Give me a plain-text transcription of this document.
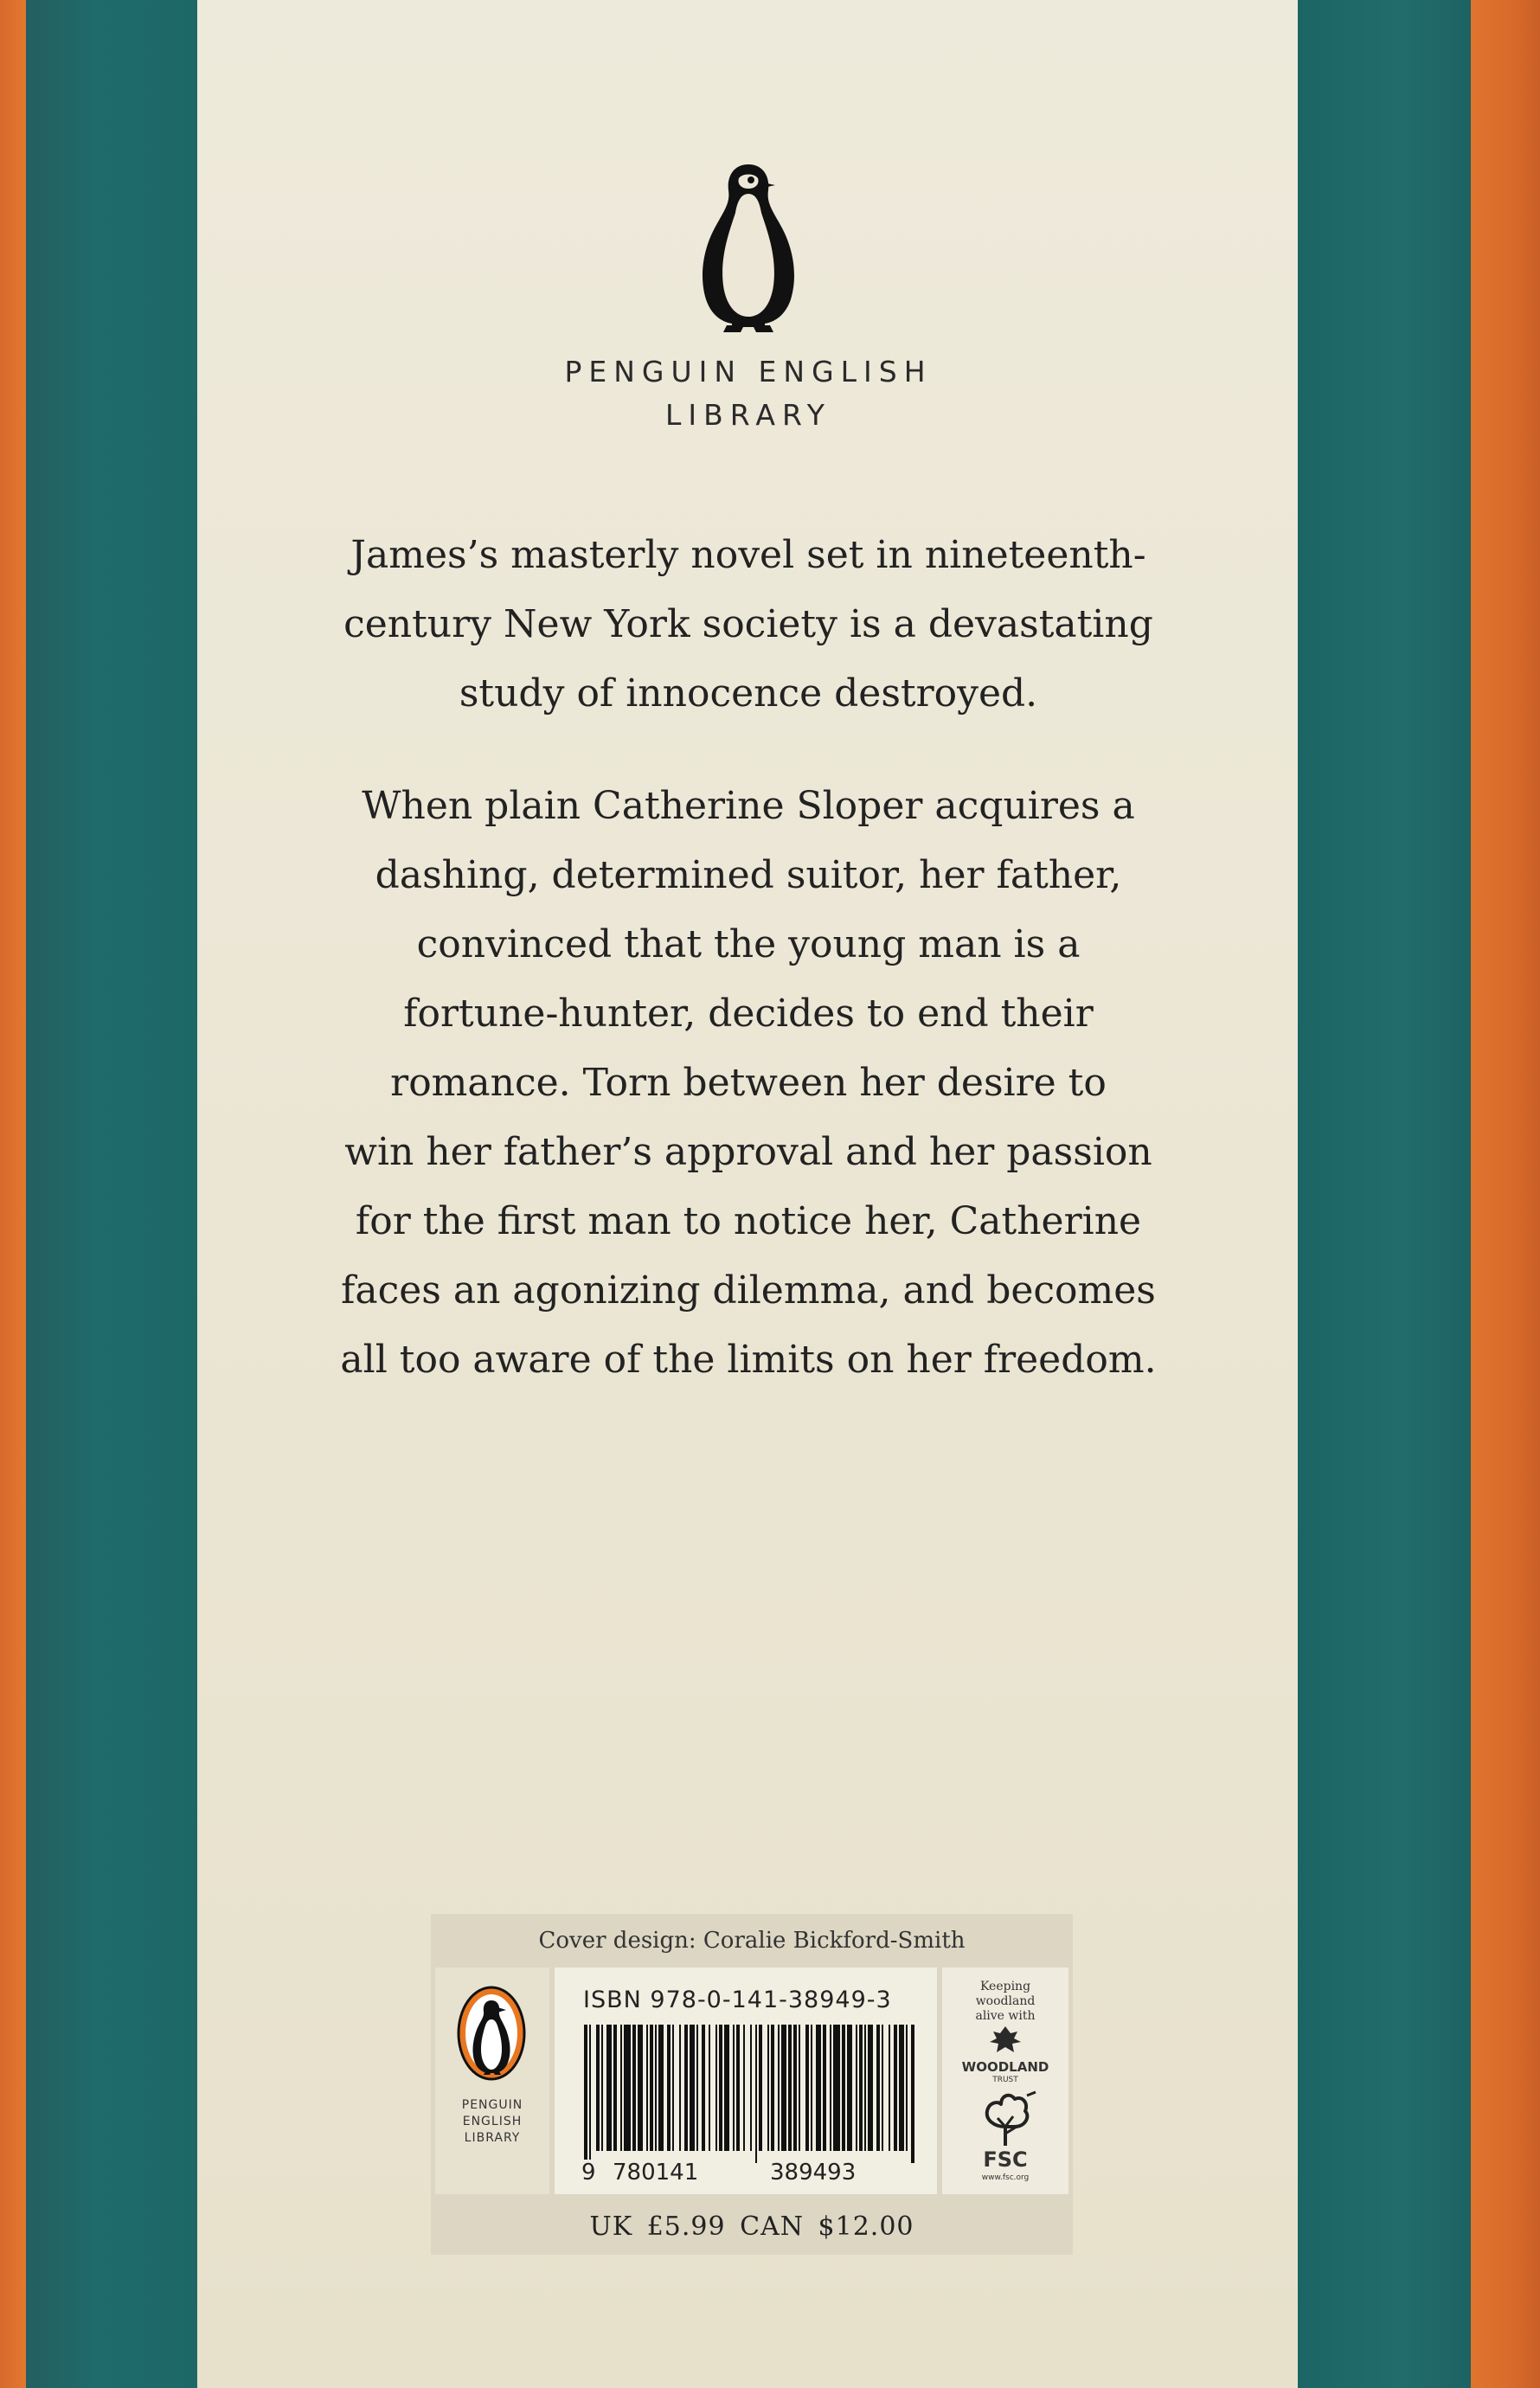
PENGUIN ENGLISH
LIBRARY
James’s masterly novel set in nineteenth-
century New York society is a devastating
study of innocence destroyed.
When plain Catherine Sloper acquires a
dashing, determined suitor, her father,
convinced that the young man is a
fortune-hunter, decides to end their
romance. Torn between her desire to
win her father’s approval and her passion
for the first man to notice her, Catherine
faces an agonizing dilemma, and becomes
all too aware of the limits on her freedom.
Cover design: Coralie Bickford-Smith
PENGUIN
ENGLISH
LIBRARY
ISBN 978-0-141-38949-3
9 780141	389493
Keeping
woodland
alive with
WOODLAND
TRUST
FSC
www.fsc.org
UK £5.99 CAN $12.00
